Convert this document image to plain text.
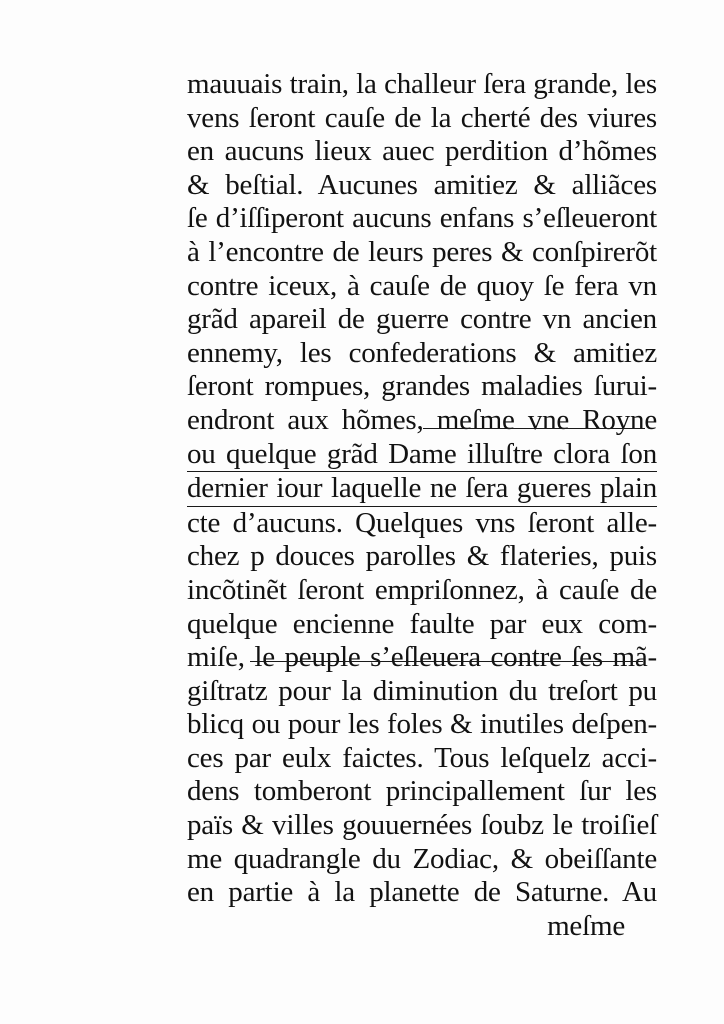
mauuais train, la challeur ſera grande, les
vens ſeront cauſe de la cherté des viures
en aucuns lieux auec perdition d’hõmes
& beſtial. Aucunes amitiez & alliãces
ſe d’iſſiperont aucuns enfans s’eſleueront
à l’encontre de leurs peres & conſpirerõt
contre iceux, à cauſe de quoy ſe fera vn
grãd apareil de guerre contre vn ancien
ennemy, les confederations & amitiez
ſeront rompues, grandes maladies ſurui-
endront aux hõmes, meſme vne Royne
ou quelque grãd Dame illuſtre clora ſon
dernier iour laquelle ne ſera gueres plain
cte d’aucuns. Quelques vns ſeront alle-
chez p douces parolles & flateries, puis
incõtinẽt ſeront empriſonnez, à cauſe de
quelque encienne faulte par eux com-
miſe, le peuple s’eſleuera contre ſes mã-
giſtratz pour la diminution du treſort pu
blicq ou pour les foles & inutiles deſpen-
ces par eulx faictes. Tous leſquelz acci-
dens tomberont principallement ſur les
païs & villes gouuernées ſoubz le troiſieſ
me quadrangle du Zodiac, & obeiſſante
en partie à la planette de Saturne. Au
meſme
